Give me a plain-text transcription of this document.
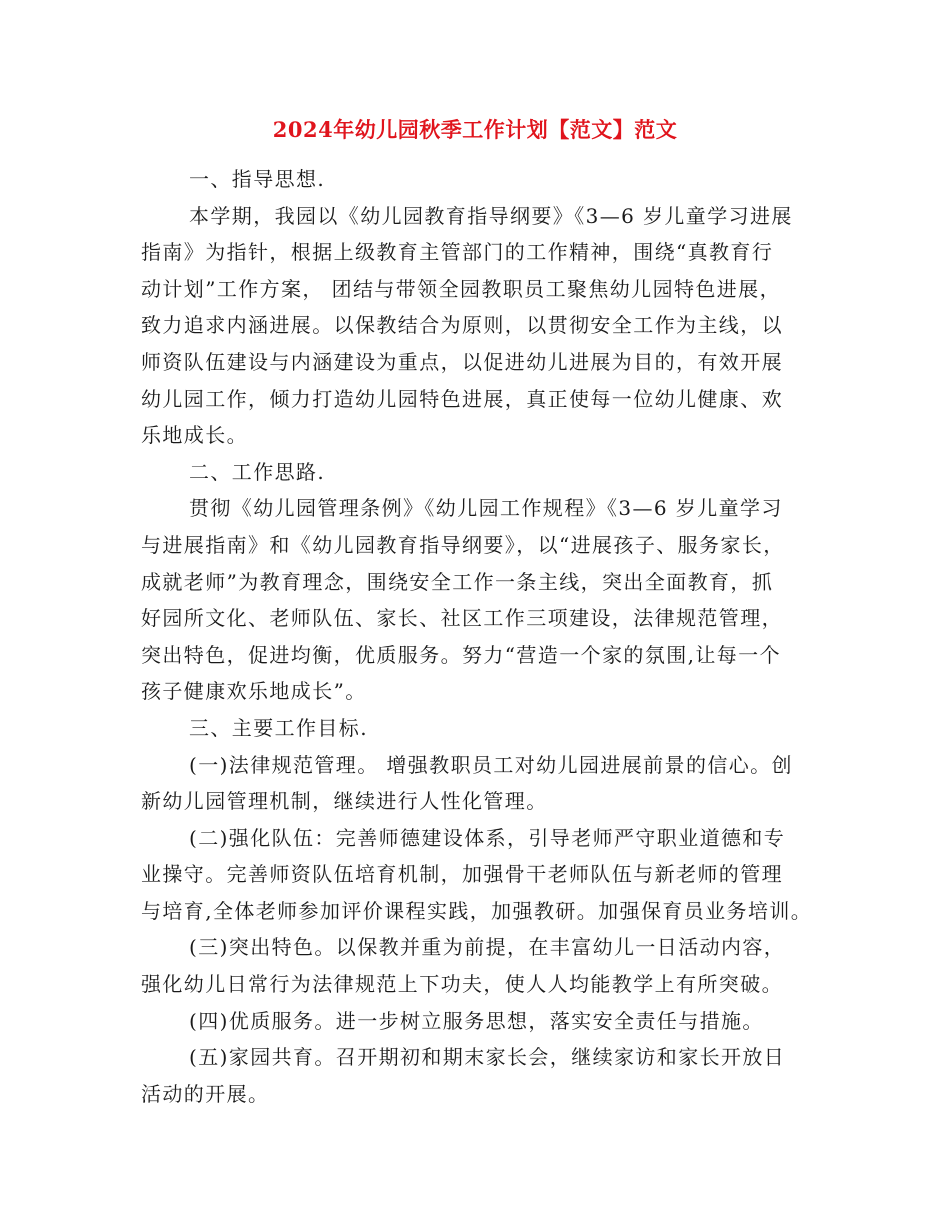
2024年幼儿园秋季工作计划【范文】范文

一、指导思想.

本学期，我园以《幼儿园教育指导纲要》《3—6 岁儿童学习进展

指南》为指针，根据上级教育主管部门的工作精神，围绕“真教育行

动计划”工作方案， 团结与带领全园教职员工聚焦幼儿园特色进展，

致力追求内涵进展。以保教结合为原则，以贯彻安全工作为主线，以

师资队伍建设与内涵建设为重点，以促进幼儿进展为目的，有效开展

幼儿园工作，倾力打造幼儿园特色进展，真正使每一位幼儿健康、欢

乐地成长。

二、工作思路.

贯彻《幼儿园管理条例》《幼儿园工作规程》《3—6 岁儿童学习

与进展指南》和《幼儿园教育指导纲要》，以“进展孩子、服务家长，

成就老师”为教育理念，围绕安全工作一条主线，突出全面教育，抓

好园所文化、老师队伍、家长、社区工作三项建设，法律规范管理，

突出特色，促进均衡，优质服务。努力“营造一个家的氛围,让每一个

孩子健康欢乐地成长”。

三、主要工作目标.

(一)法律规范管理。 增强教职员工对幼儿园进展前景的信心。创

新幼儿园管理机制，继续进行人性化管理。

(二)强化队伍：完善师德建设体系，引导老师严守职业道德和专

业操守。完善师资队伍培育机制，加强骨干老师队伍与新老师的管理

与培育,全体老师参加评价课程实践，加强教研。加强保育员业务培训。

(三)突出特色。以保教并重为前提，在丰富幼儿一日活动内容，

强化幼儿日常行为法律规范上下功夫，使人人均能教学上有所突破。

(四)优质服务。进一步树立服务思想，落实安全责任与措施。

(五)家园共育。召开期初和期末家长会，继续家访和家长开放日

活动的开展。
